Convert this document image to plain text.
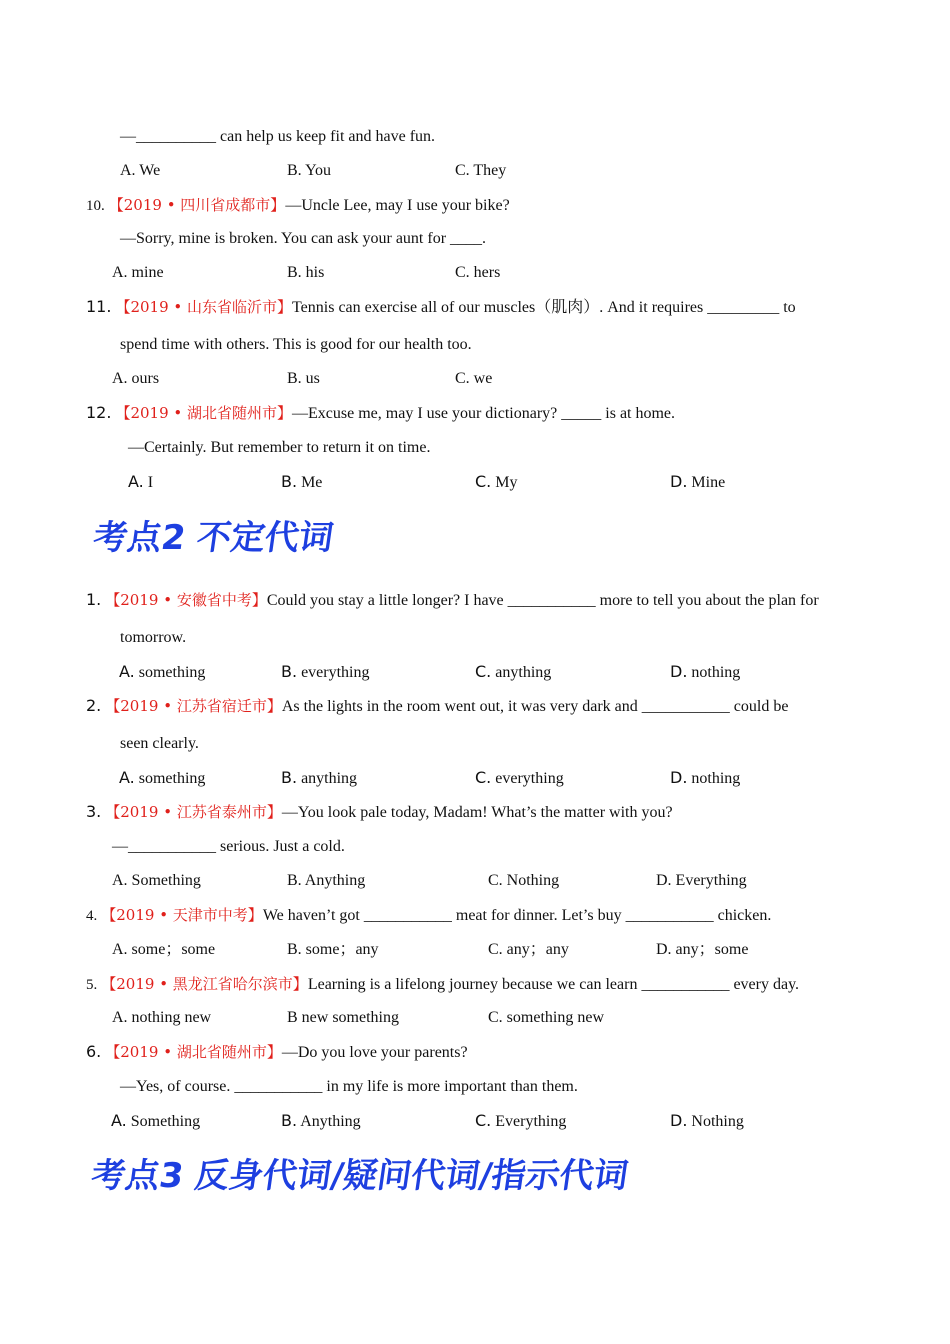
—__________ can help us keep fit and have fun.
A. We	B. You	C. They
10. 【2019 • 四川省成都市】—Uncle Lee, may I use your bike?
—Sorry, mine is broken. You can ask your aunt for ____.
A. mine	B. his	C. hers
11. 【2019 • 山东省临沂市】Tennis can exercise all of our muscles（肌肉）. And it requires _________ to
spend time with others. This is good for our health too.
A. ours	B. us	C. we
12. 【2019 • 湖北省随州市】—Excuse me, may I use your dictionary? _____ is at home.
—Certainly. But remember to return it on time.
A. I	B. Me	C. My	D. Mine
考点2 不定代词
1. 【2019 • 安徽省中考】Could you stay a little longer? I have ___________ more to tell you about the plan for
tomorrow.
A. something	B. everything	C. anything	D. nothing
2. 【2019 • 江苏省宿迁市】As the lights in the room went out, it was very dark and ___________ could be
seen clearly.
A. something	B. anything	C. everything	D. nothing
3. 【2019 • 江苏省泰州市】—You look pale today, Madam! What’s the matter with you?
—___________ serious. Just a cold.
A. Something	B. Anything	C. Nothing	D. Everything
4. 【2019 • 天津市中考】We haven’t got ___________ meat for dinner. Let’s buy ___________ chicken.
A. some；some	B. some；any	C. any；any	D. any；some
5. 【2019 • 黑龙江省哈尔滨市】Learning is a lifelong journey because we can learn ___________ every day.
A. nothing new	B new something	C. something new
6. 【2019 • 湖北省随州市】—Do you love your parents?
—Yes, of course. ___________ in my life is more important than them.
A. Something	B. Anything	C. Everything	D. Nothing
考点3 反身代词/疑问代词/指示代词
